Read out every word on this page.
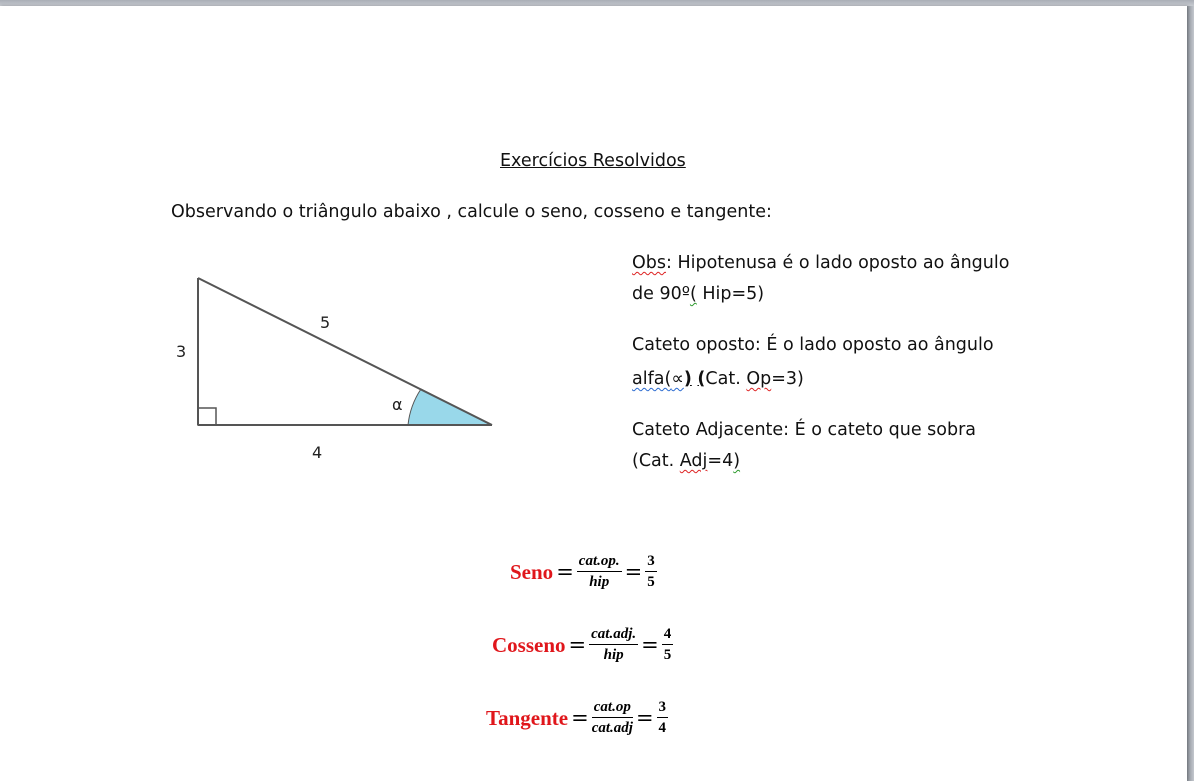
Exercícios Resolvidos
Observando o triângulo abaixo , calcule o seno, cosseno e tangente:
3
5
4
α
Obs: Hipotenusa é o lado oposto ao ângulo
de 90º( Hip=5)
Cateto oposto: É o lado oposto ao ângulo
alfa(∝) (Cat. Op=3)
Cateto Adjacente: É o cateto que sobra
(Cat. Adj=4)
Seno = $\frac{\text{cat.op.}}{\text{hip}} = \frac{3}{5}$
Cosseno = $\frac{\text{cat.adj.}}{\text{hip}} = \frac{4}{5}$
Tangente = $\frac{\text{cat.op}}{\text{cat.adj}} = \frac{3}{4}$
